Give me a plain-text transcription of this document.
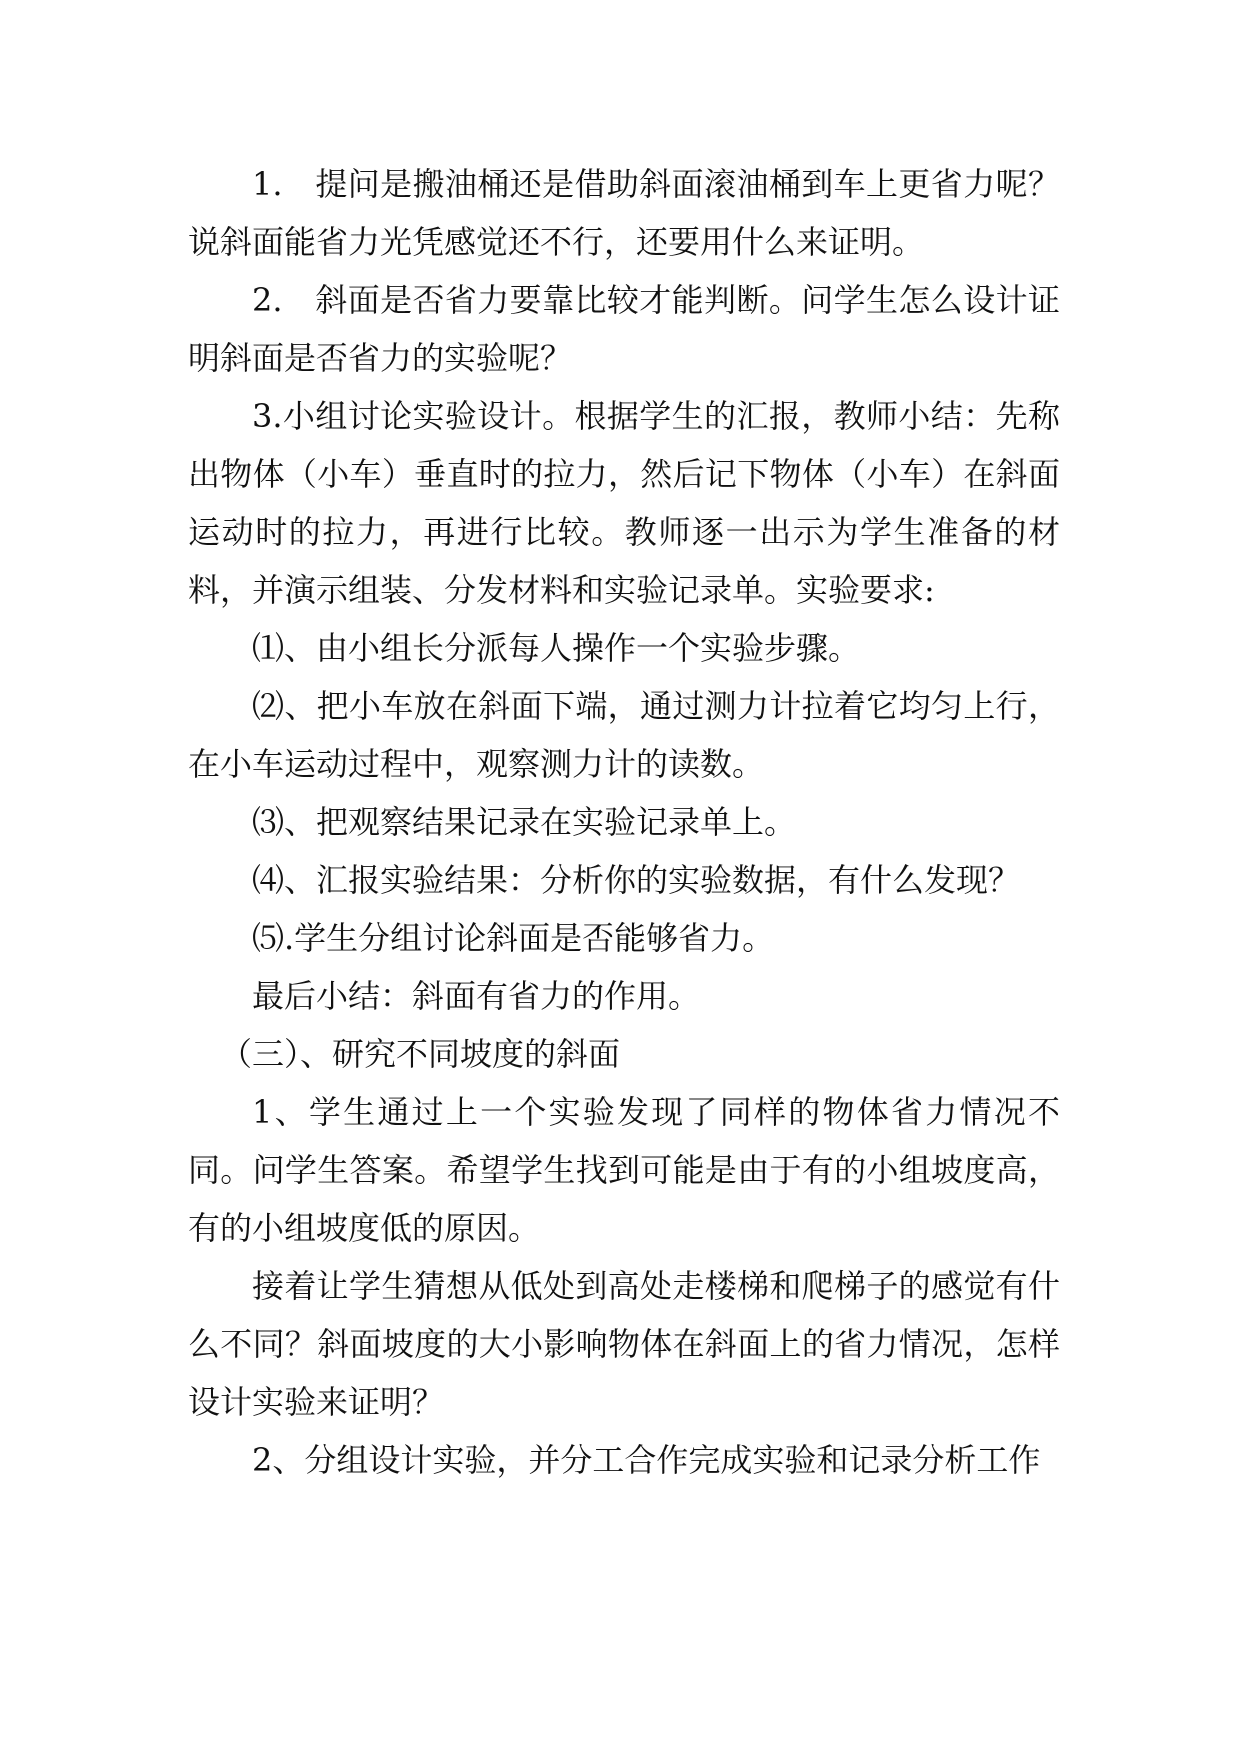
1.　提问是搬油桶还是借助斜面滚油桶到车上更省力呢？说斜面能省力光凭感觉还不行，还要用什么来证明。

2.　斜面是否省力要靠比较才能判断。问学生怎么设计证明斜面是否省力的实验呢？

3.小组讨论实验设计。根据学生的汇报，教师小结：先称出物体（小车）垂直时的拉力，然后记下物体（小车）在斜面运动时的拉力，再进行比较。教师逐一出示为学生准备的材料，并演示组装、分发材料和实验记录单。实验要求:

⑴、由小组长分派每人操作一个实验步骤。

⑵、把小车放在斜面下端，通过测力计拉着它均匀上行，在小车运动过程中，观察测力计的读数。

⑶、把观察结果记录在实验记录单上。

⑷、汇报实验结果：分析你的实验数据，有什么发现？

⑸.学生分组讨论斜面是否能够省力。

最后小结：斜面有省力的作用。

（三）、研究不同坡度的斜面

1、学生通过上一个实验发现了同样的物体省力情况不同。问学生答案。希望学生找到可能是由于有的小组坡度高，有的小组坡度低的原因。

接着让学生猜想从低处到高处走楼梯和爬梯子的感觉有什么不同？斜面坡度的大小影响物体在斜面上的省力情况，怎样设计实验来证明？

2、分组设计实验，并分工合作完成实验和记录分析工作
